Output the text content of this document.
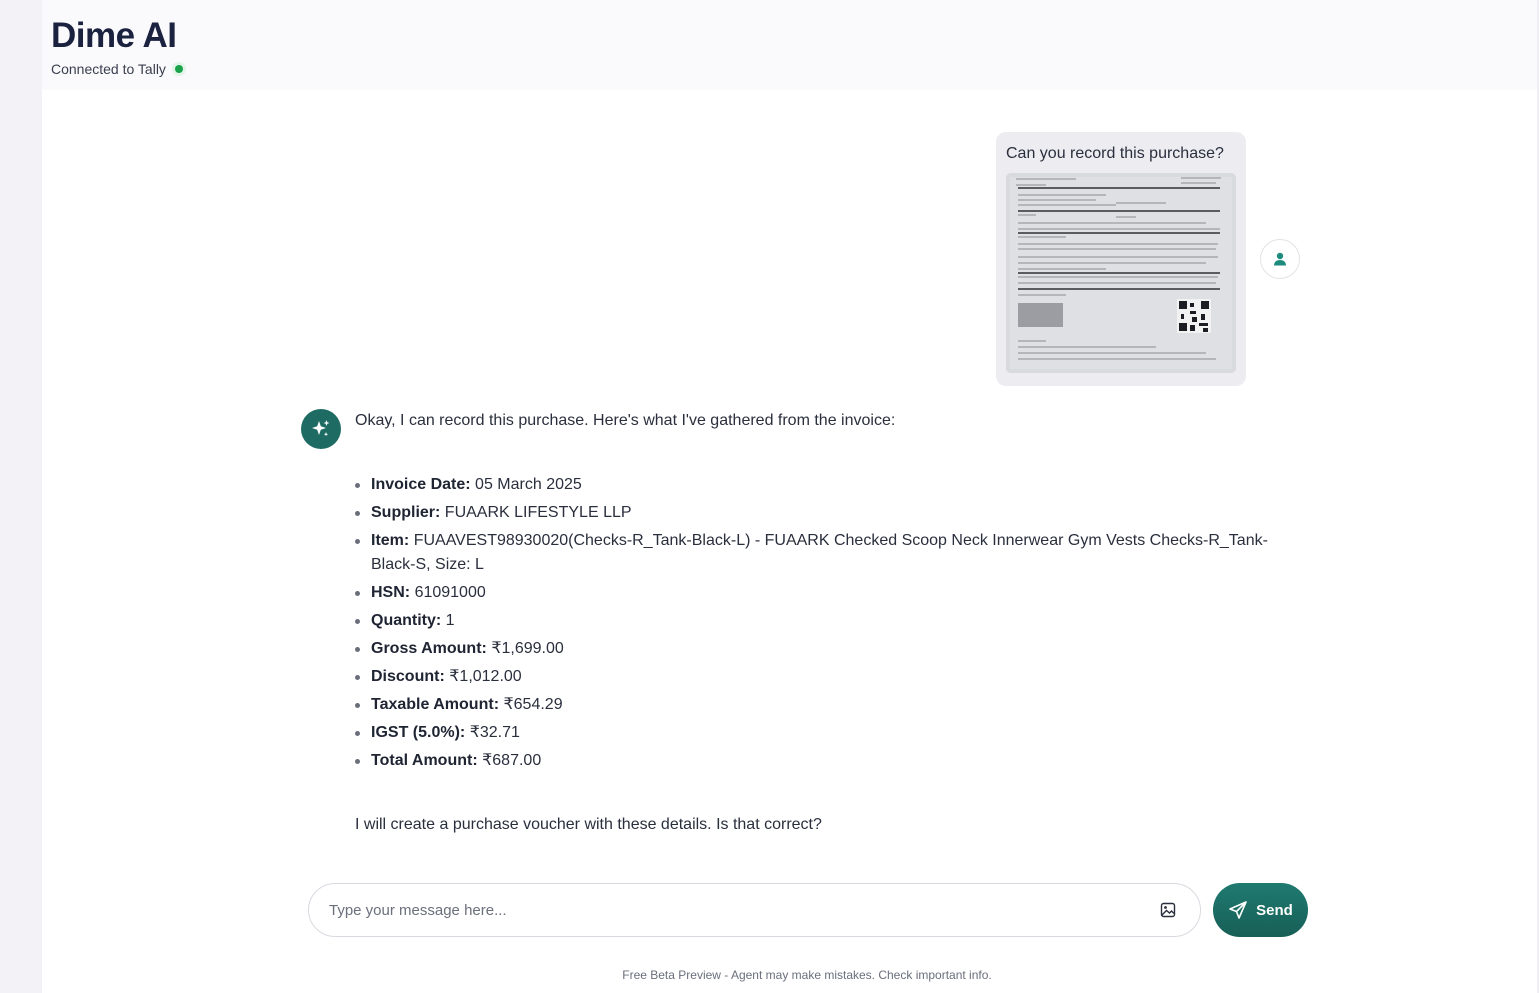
Dime AI
Connected to Tally
Can you record this purchase?

Okay, I can record this purchase. Here's what I've gathered from the invoice:

Invoice Date: 05 March 2025
Supplier: FUAARK LIFESTYLE LLP
Item: FUAAVEST98930020(Checks-R_Tank-Black-L) - FUAARK Checked Scoop Neck Innerwear Gym Vests Checks-R_Tank-Black-S, Size: L
HSN: 61091000
Quantity: 1
Gross Amount: ₹1,699.00
Discount: ₹1,012.00
Taxable Amount: ₹654.29
IGST (5.0%): ₹32.71
Total Amount: ₹687.00

I will create a purchase voucher with these details. Is that correct?

Type your message here...
Send
Free Beta Preview - Agent may make mistakes. Check important info.
